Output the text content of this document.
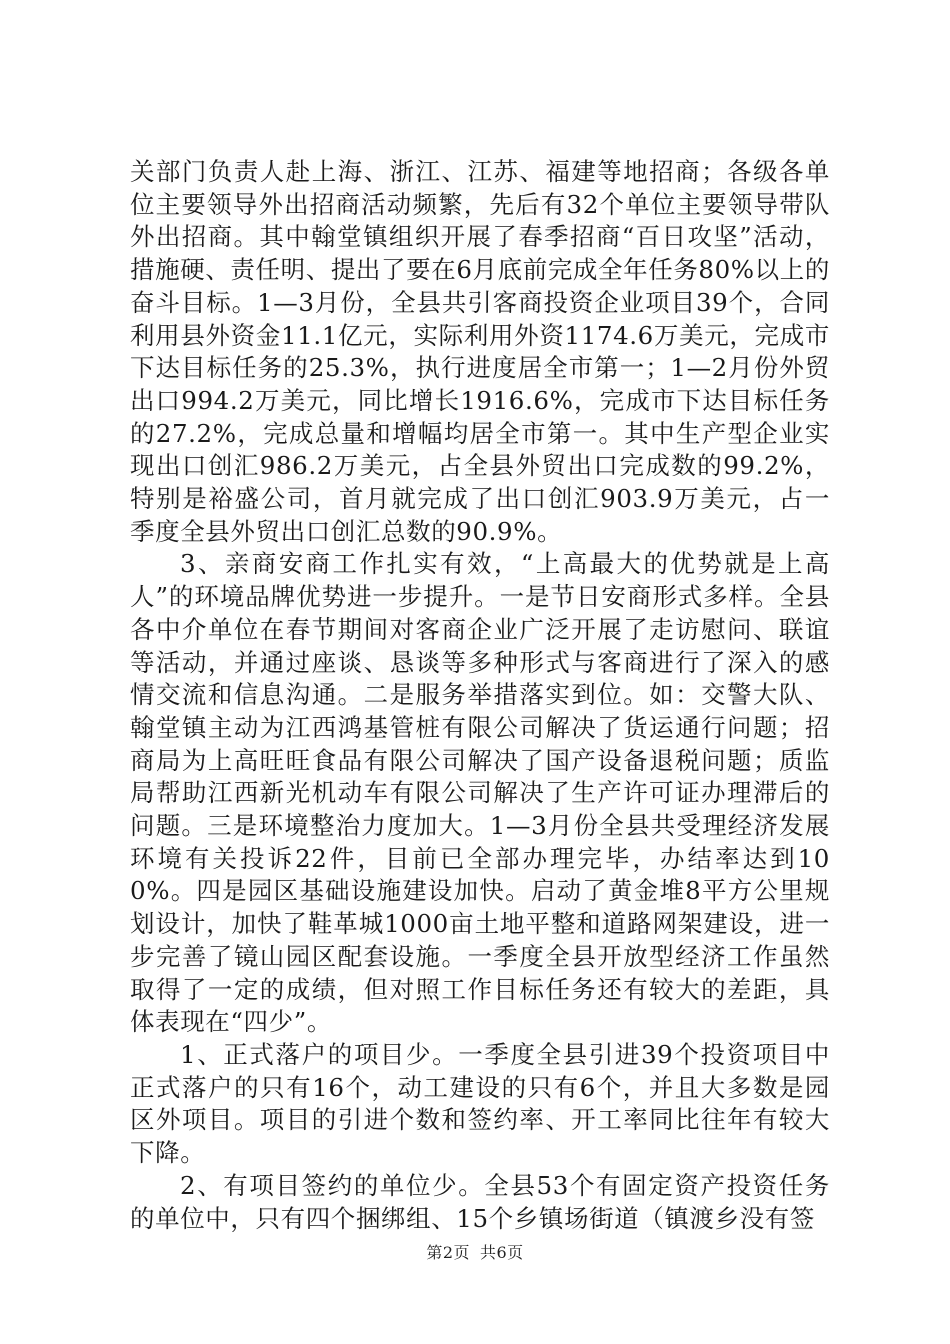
关部门负责人赴上海、浙江、江苏、福建等地招商；各级各单位主要领导外出招商活动频繁，先后有32个单位主要领导带队外出招商。其中翰堂镇组织开展了春季招商“百日攻坚”活动，措施硬、责任明、提出了要在6月底前完成全年任务80%以上的奋斗目标。1—3月份，全县共引客商投资企业项目39个，合同利用县外资金11.1亿元，实际利用外资1174.6万美元，完成市下达目标任务的25.3%，执行进度居全市第一；1—2月份外贸出口994.2万美元，同比增长1916.6%，完成市下达目标任务的27.2%，完成总量和增幅均居全市第一。其中生产型企业实现出口创汇986.2万美元，占全县外贸出口完成数的99.2%，特别是裕盛公司，首月就完成了出口创汇903.9万美元，占一季度全县外贸出口创汇总数的90.9%。

3、亲商安商工作扎实有效，“上高最大的优势就是上高人”的环境品牌优势进一步提升。一是节日安商形式多样。全县各中介单位在春节期间对客商企业广泛开展了走访慰问、联谊等活动，并通过座谈、恳谈等多种形式与客商进行了深入的感情交流和信息沟通。二是服务举措落实到位。如：交警大队、翰堂镇主动为江西鸿基管桩有限公司解决了货运通行问题；招商局为上高旺旺食品有限公司解决了国产设备退税问题；质监局帮助江西新光机动车有限公司解决了生产许可证办理滞后的问题。三是环境整治力度加大。1—3月份全县共受理经济发展环境有关投诉22件，目前已全部办理完毕，办结率达到100%。四是园区基础设施建设加快。启动了黄金堆8平方公里规划设计，加快了鞋革城1000亩土地平整和道路网架建设，进一步完善了镜山园区配套设施。一季度全县开放型经济工作虽然取得了一定的成绩，但对照工作目标任务还有较大的差距，具体表现在“四少”。

1、正式落户的项目少。一季度全县引进39个投资项目中正式落户的只有16个，动工建设的只有6个，并且大多数是园区外项目。项目的引进个数和签约率、开工率同比往年有较大下降。

2、有项目签约的单位少。全县53个有固定资产投资任务的单位中，只有四个捆绑组、15个乡镇场街道（镇渡乡没有签

第2页 共6页
